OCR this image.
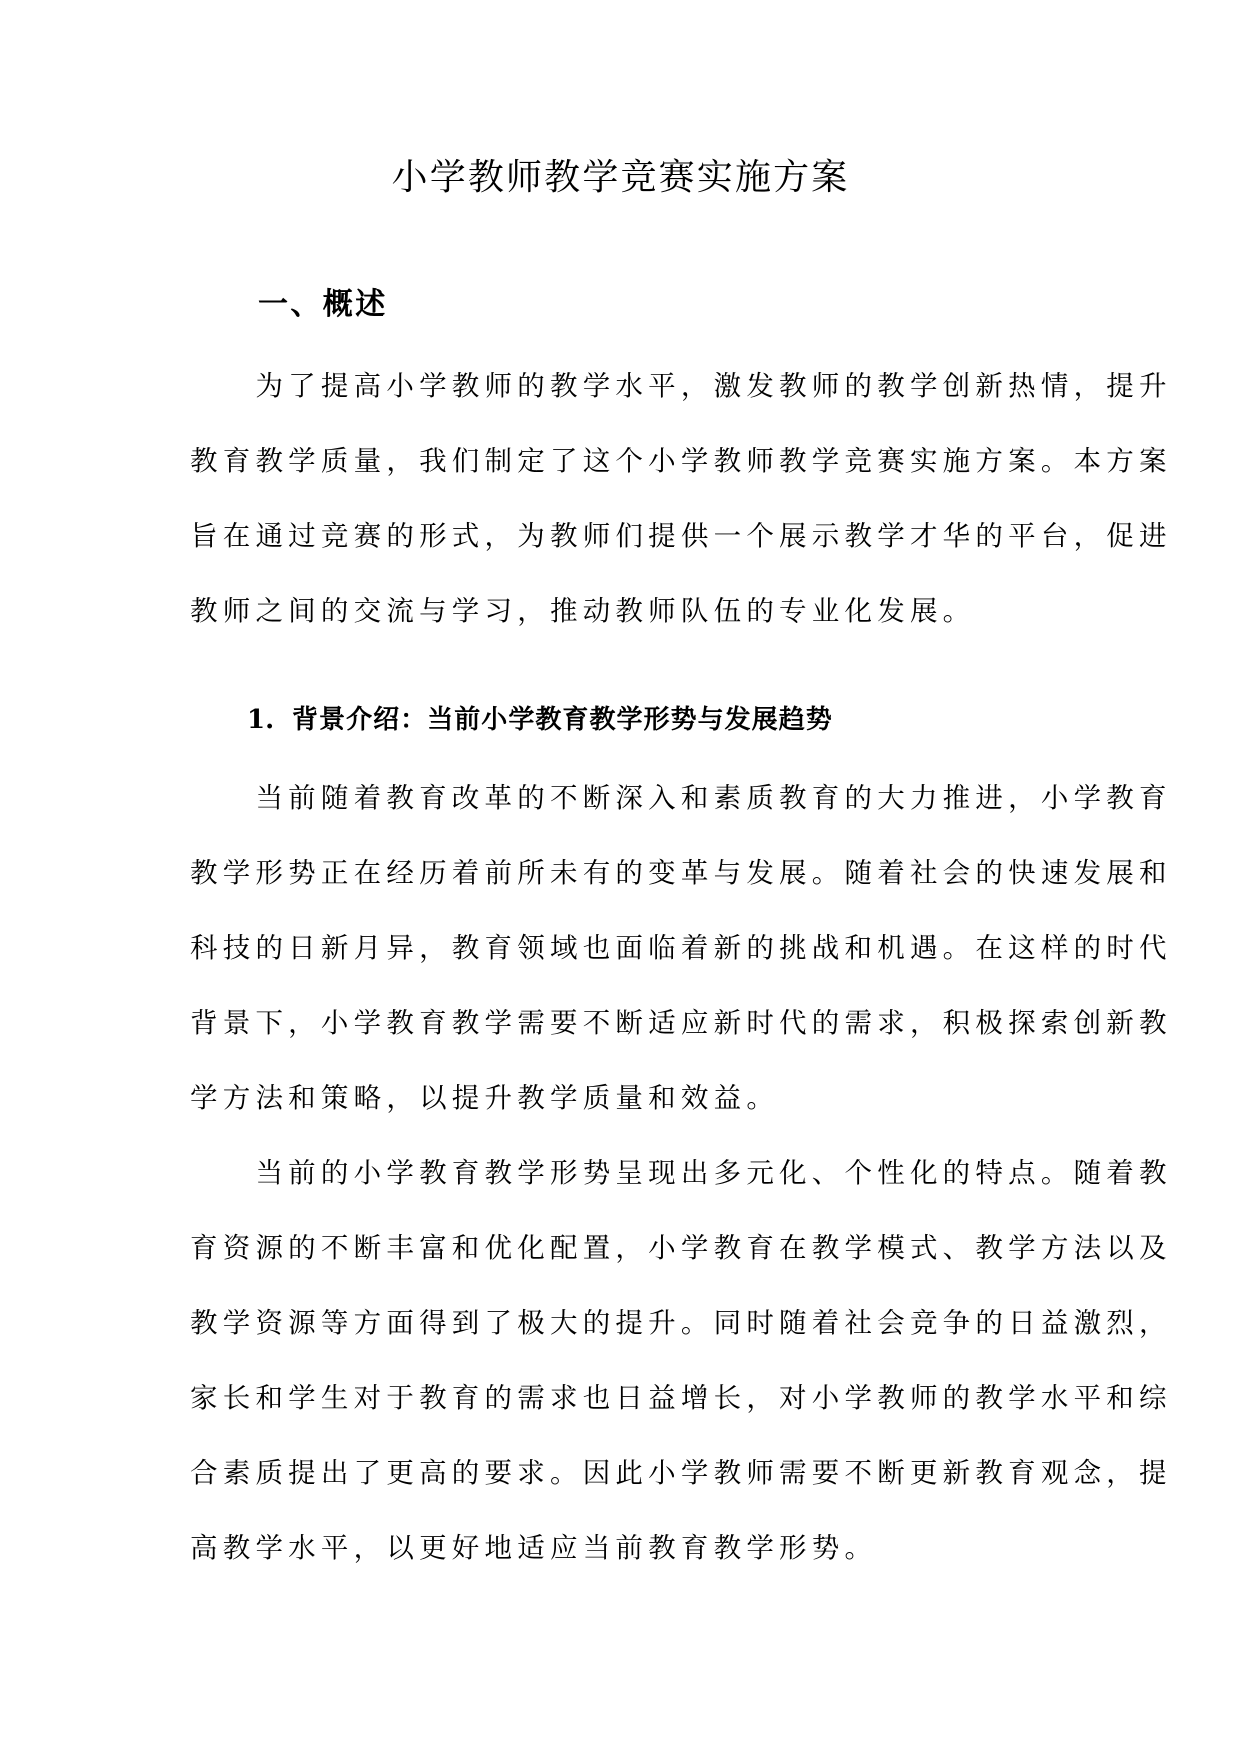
小学教师教学竞赛实施方案
一、概述

　　为了提高小学教师的教学水平，激发教师的教学创新热情，提升

教育教学质量，我们制定了这个小学教师教学竞赛实施方案。本方案

旨在通过竞赛的形式，为教师们提供一个展示教学才华的平台，促进

教师之间的交流与学习，推动教师队伍的专业化发展。

1. 背景介绍：当前小学教育教学形势与发展趋势

　　当前随着教育改革的不断深入和素质教育的大力推进，小学教育

教学形势正在经历着前所未有的变革与发展。随着社会的快速发展和

科技的日新月异，教育领域也面临着新的挑战和机遇。在这样的时代

背景下，小学教育教学需要不断适应新时代的需求，积极探索创新教

学方法和策略，以提升教学质量和效益。

　　当前的小学教育教学形势呈现出多元化、个性化的特点。随着教

育资源的不断丰富和优化配置，小学教育在教学模式、教学方法以及

教学资源等方面得到了极大的提升。同时随着社会竞争的日益激烈，

家长和学生对于教育的需求也日益增长，对小学教师的教学水平和综

合素质提出了更高的要求。因此小学教师需要不断更新教育观念，提

高教学水平，以更好地适应当前教育教学形势。
